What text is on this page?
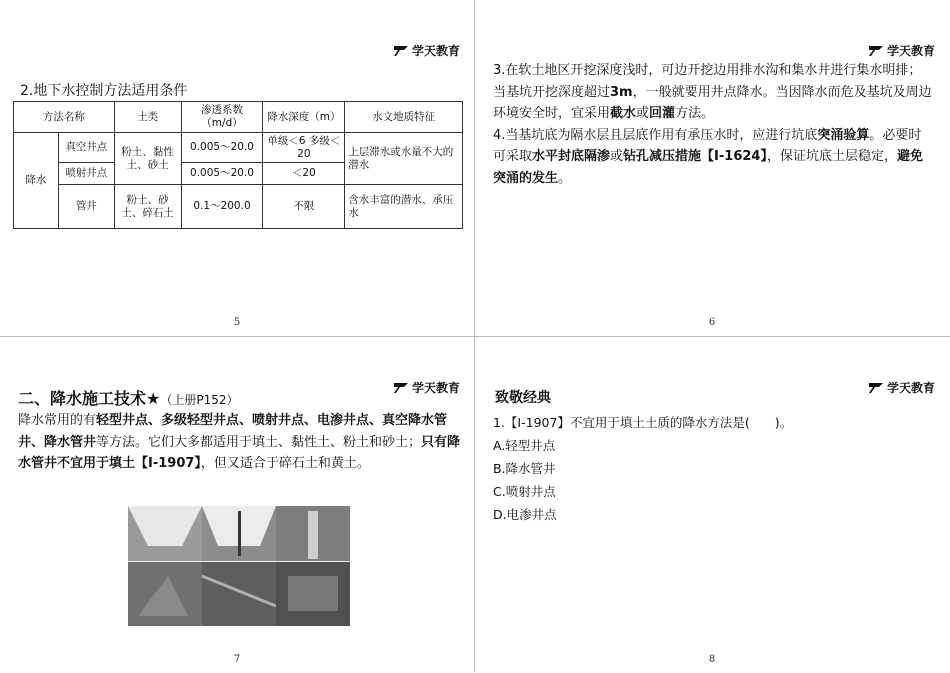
学天教育
2.地下水控制方法适用条件
方法名称		土类	渗透系数（m/d）	降水深度（m）	水文地质特征
降水	真空井点	粉土、黏性土、砂土	0.005～20.0	单级＜6 多级＜20	上层滞水或水量不大的潜水
	喷射井点		0.005～20.0	＜20	
	管井	粉土、砂土、碎石土	0.1～200.0	不限	含水丰富的潜水、承压水
5
学天教育
3.在软土地区开挖深度浅时，可边开挖边用排水沟和集水井进行集水明排；当基坑开挖深度超过3m，一般就要用井点降水。当因降水而危及基坑及周边环境安全时，宜采用截水或回灌方法。
4.当基坑底为隔水层且层底作用有承压水时，应进行坑底突涌验算。必要时可采取水平封底隔渗或钻孔减压措施【Ⅰ-1624】，保证坑底土层稳定，避免突涌的发生。
6
学天教育
二、降水施工技术★（上册P152）
降水常用的有轻型井点、多级轻型井点、喷射井点、电渗井点、真空降水管井、降水管井等方法。它们大多都适用于填土、黏性土、粉土和砂土；只有降水管井不宜用于填土【Ⅰ-1907】，但又适合于碎石土和黄土。
7
学天教育
致敬经典
1.【Ⅰ-1907】不宜用于填土土质的降水方法是(　　)。
A.轻型井点
B.降水管井
C.喷射井点
D.电渗井点
8
